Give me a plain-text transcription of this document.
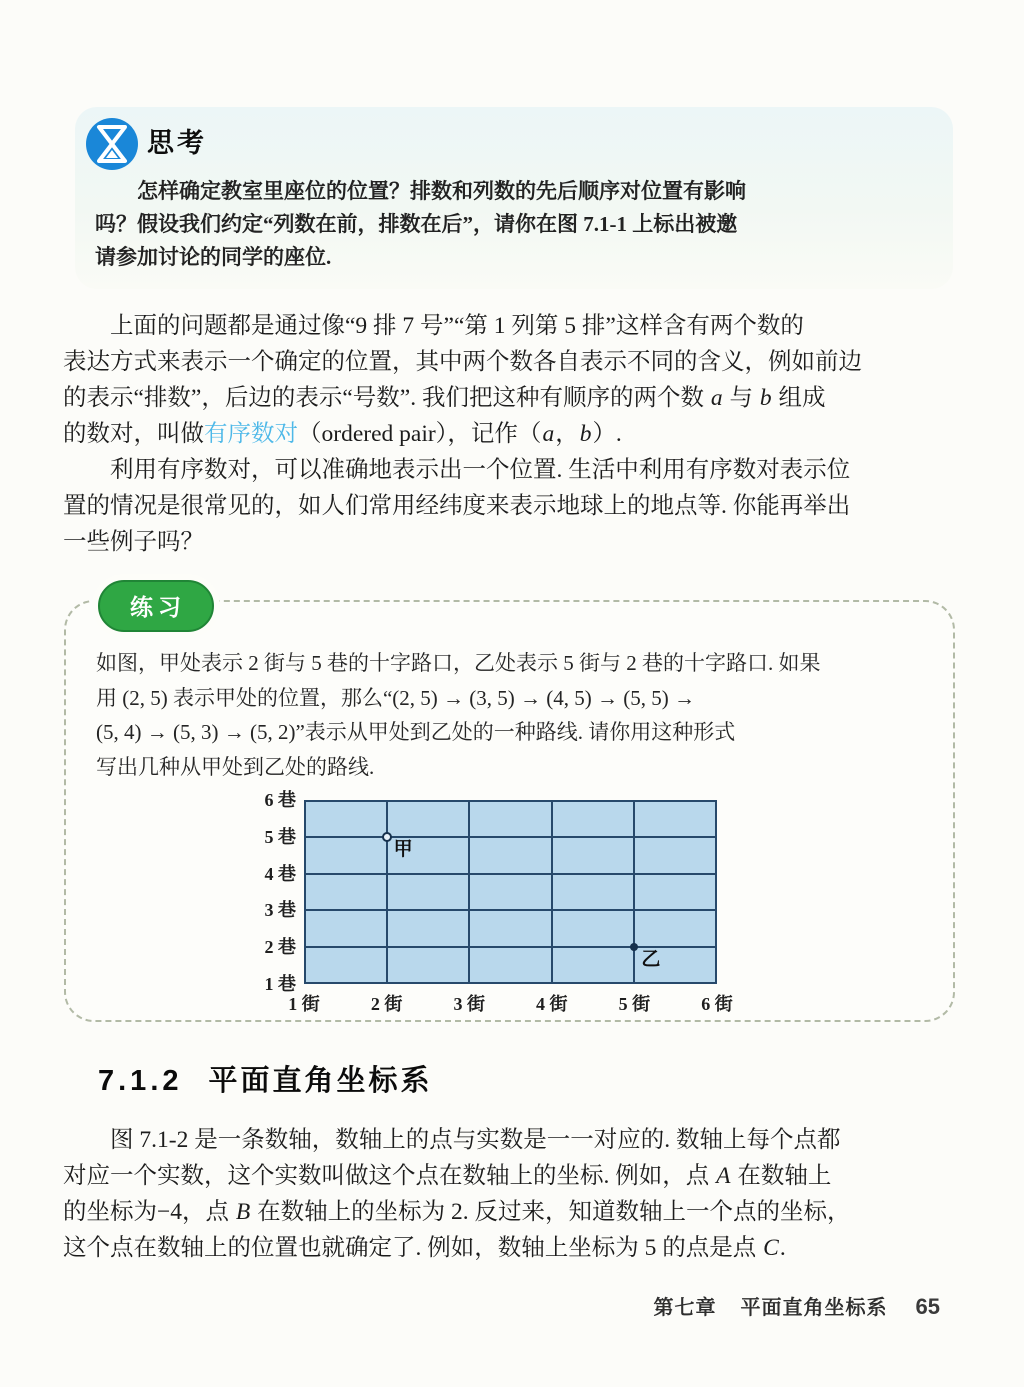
思考
怎样确定教室里座位的位置？排数和列数的先后顺序对位置有影响
吗？假设我们约定“列数在前，排数在后”，请你在图 7.1-1 上标出被邀
请参加讨论的同学的座位.
上面的问题都是通过像“9 排 7 号”“第 1 列第 5 排”这样含有两个数的
表达方式来表示一个确定的位置，其中两个数各自表示不同的含义，例如前边
的表示“排数”，后边的表示“号数”. 我们把这种有顺序的两个数 a 与 b 组成
的数对，叫做有序数对（ordered pair），记作（a，b）.
利用有序数对，可以准确地表示出一个位置. 生活中利用有序数对表示位
置的情况是很常见的，如人们常用经纬度来表示地球上的地点等. 你能再举出
一些例子吗？
练习
如图，甲处表示 2 街与 5 巷的十字路口，乙处表示 5 街与 2 巷的十字路口. 如果
用 (2, 5) 表示甲处的位置，那么“(2, 5) → (3, 5) → (4, 5) → (5, 5) →
(5, 4) → (5, 3) → (5, 2)”表示从甲处到乙处的一种路线. 请你用这种形式
写出几种从甲处到乙处的路线.
6 巷
5 巷
4 巷
3 巷
2 巷
1 巷
1 街	2 街	3 街	4 街	5 街	6 街
甲
乙
7.1.2 平面直角坐标系
图 7.1-2 是一条数轴，数轴上的点与实数是一一对应的. 数轴上每个点都
对应一个实数，这个实数叫做这个点在数轴上的坐标. 例如，点 A 在数轴上
的坐标为−4，点 B 在数轴上的坐标为 2. 反过来，知道数轴上一个点的坐标，
这个点在数轴上的位置也就确定了. 例如，数轴上坐标为 5 的点是点 C.
第七章 平面直角坐标系 65
